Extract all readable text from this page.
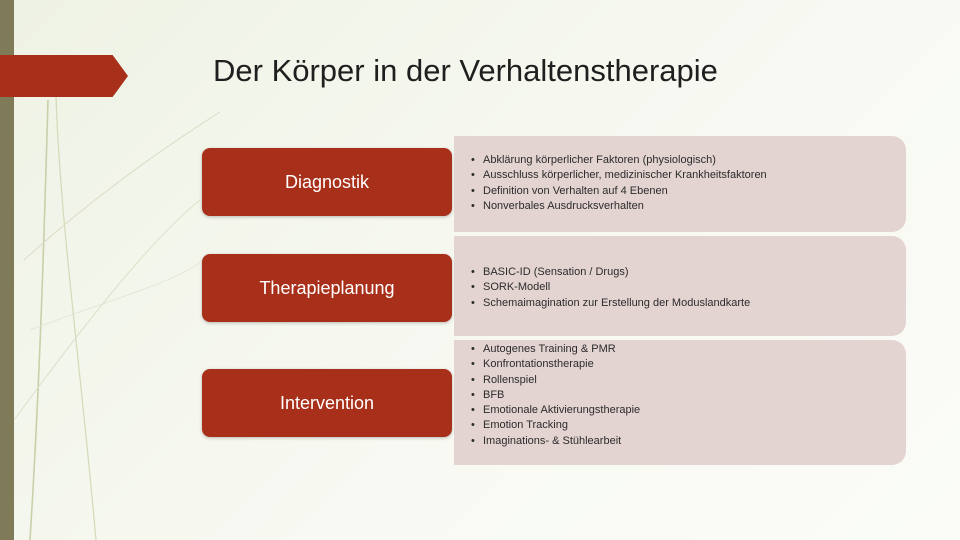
Der Körper in der Verhaltenstherapie
Diagnostik
• Abklärung körperlicher Faktoren (physiologisch)
• Ausschluss körperlicher, medizinischer Krankheitsfaktoren
• Definition von Verhalten auf 4 Ebenen
• Nonverbales Ausdrucksverhalten
Therapieplanung
• BASIC-ID (Sensation / Drugs)
• SORK-Modell
• Schemaimagination zur Erstellung der Moduslandkarte
Intervention
• Autogenes Training & PMR
• Konfrontationstherapie
• Rollenspiel
• BFB
• Emotionale Aktivierungstherapie
• Emotion Tracking
• Imaginations- & Stühlearbeit
